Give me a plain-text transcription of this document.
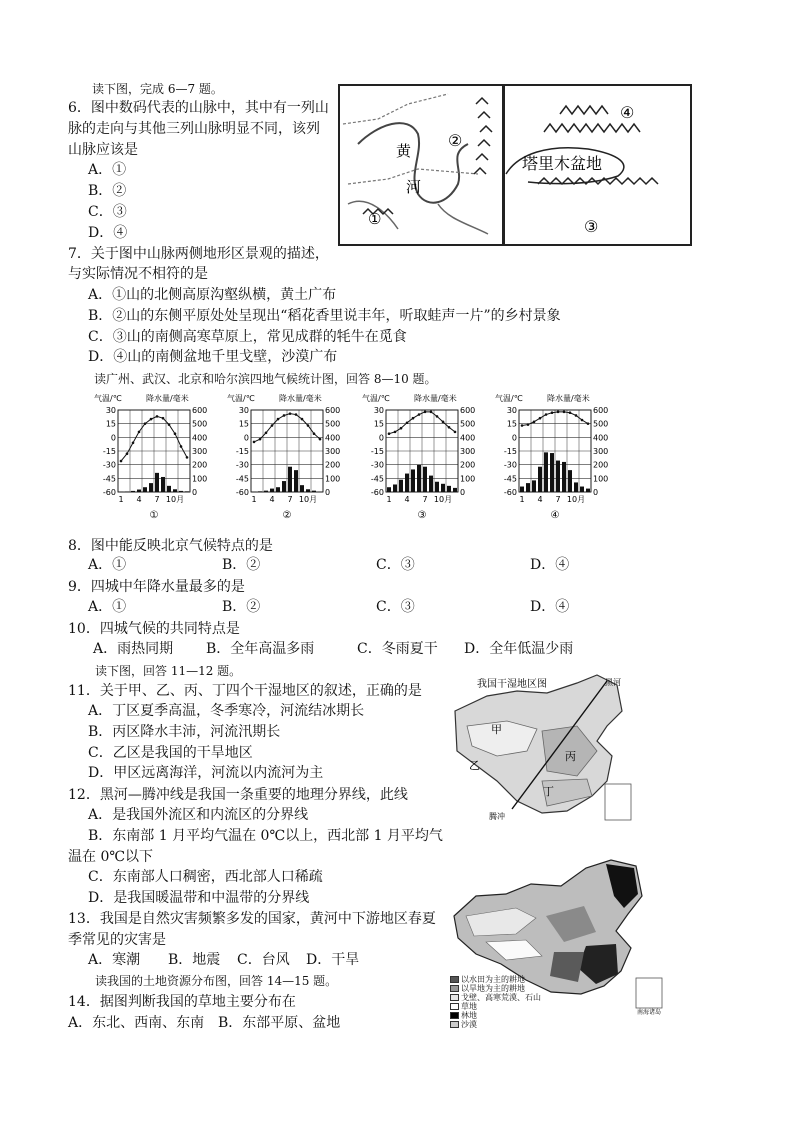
读下图，完成 6—7 题。
6．图中数码代表的山脉中，其中有一列山
脉的走向与其他三列山脉明显不同，该列
山脉应该是
A．①
B．②
C．③
D．④
黄
河
①
②
塔里木盆地
④
③
7．关于图中山脉两侧地形区景观的描述，
与实际情况不相符的是
A．①山的北侧高原沟壑纵横，黄土广布
B．②山的东侧平原处处呈现出“稻花香里说丰年，听取蛙声一片”的乡村景象
C．③山的南侧高寒草原上，常见成群的牦牛在觅食
D．④山的南侧盆地千里戈壁，沙漠广布
读广州、武汉、北京和哈尔滨四地气候统计图，回答 8—10 题。
气温/℃	降水量/毫米
30	600
15	500
0	400
-15	300
-30	200
-45	100
-60	0
1 4 7 10月
①
气温/℃	降水量/毫米
30	600
15	500
0	400
-15	300
-30	200
-45	100
-60	0
1 4 7 10月
②
气温/℃	降水量/毫米
30	600
15	500
0	400
-15	300
-30	200
-45	100
-60	0
1 4 7 10月
③
气温/℃	降水量/毫米
30	600
15	500
0	400
-15	300
-30	200
-45	100
-60	0
1 4 7 10月
④
8．图中能反映北京气候特点的是
A．①	B．②	C．③	D．④
9．四城中年降水量最多的是
A．①	B．②	C．③	D．④
10．四城气候的共同特点是
A．雨热同期 B．全年高温多雨	C．冬雨夏干 D．全年低温少雨
读下图，回答 11—12 题。
11．关于甲、乙、丙、丁四个干湿地区的叙述，正确的是
A．丁区夏季高温，冬季寒冷，河流结冰期长
B．丙区降水丰沛，河流汛期长
C．乙区是我国的干旱地区
D．甲区远离海洋，河流以内流河为主
我国干湿地区图	黑河
腾冲
甲
乙
丙
丁
12．黑河—腾冲线是我国一条重要的地理分界线，此线
A．是我国外流区和内流区的分界线
B．东南部 1 月平均气温在 0℃以上，西北部 1 月平均气
温在 0℃以下
C．东南部人口稠密，西北部人口稀疏
D．是我国暖温带和中温带的分界线
13．我国是自然灾害频繁多发的国家，黄河中下游地区春夏
季常见的灾害是
A．寒潮 B．地震 C．台风 D．干旱
读我国的土地资源分布图，回答 14—15 题。
14．据图判断我国的草地主要分布在
A．东北、西南、东南 B．东部平原、盆地
南海诸岛
以水田为主的耕地
以旱地为主的耕地
戈壁、高寒荒漠、石山
草地
林地
沙漠
